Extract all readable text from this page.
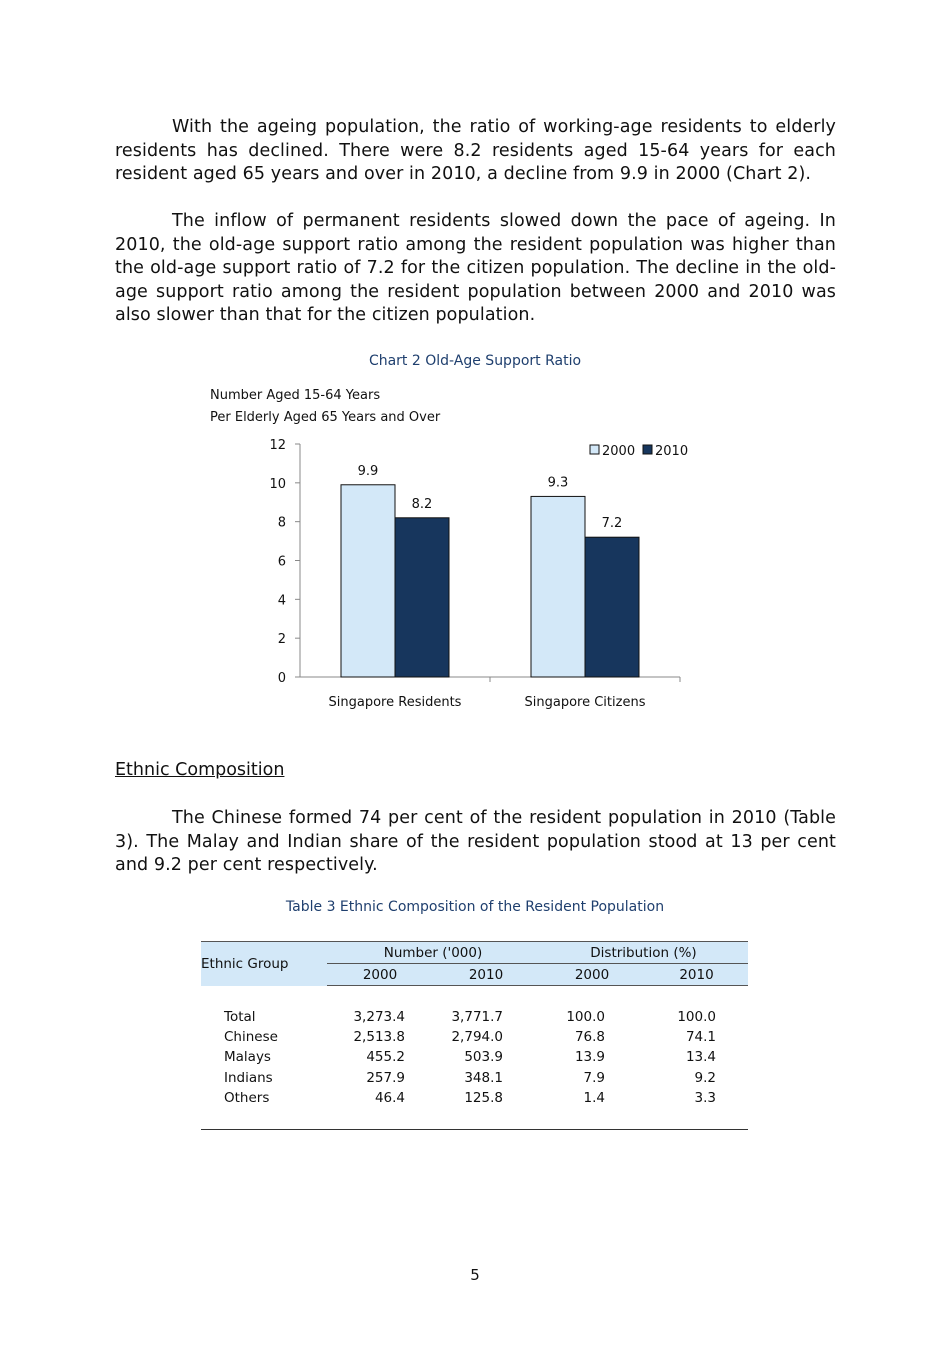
With the ageing population, the ratio of working-age residents to elderly residents has declined. There were 8.2 residents aged 15-64 years for each resident aged 65 years and over in 2010, a decline from 9.9 in 2000 (Chart 2).

The inflow of permanent residents slowed down the pace of ageing. In 2010, the old-age support ratio among the resident population was higher than the old-age support ratio of 7.2 for the citizen population. The decline in the old-age support ratio among the resident population between 2000 and 2010 was also slower than that for the citizen population.

Chart 2 Old-Age Support Ratio
Number Aged 15-64 Years
Per Elderly Aged 65 Years and Over
0
2
4
6
8
10
12
Singapore Residents
9.9
8.2
Singapore Citizens
9.3
7.2
2000 2010
Ethnic Composition

The Chinese formed 74 per cent of the resident population in 2010 (Table 3). The Malay and Indian share of the resident population stood at 13 per cent and 9.2 per cent respectively.

Table 3 Ethnic Composition of the Resident Population
Ethnic Group	Number ('000)		Distribution (%)	
	2000	2010	2000	2010

Total	3,273.4	3,771.7	100.0	100.0
Chinese	2,513.8	2,794.0	76.8	74.1
Malays	455.2	503.9	13.9	13.4
Indians	257.9	348.1	7.9	9.2
Others	46.4	125.8	1.4	3.3

5
